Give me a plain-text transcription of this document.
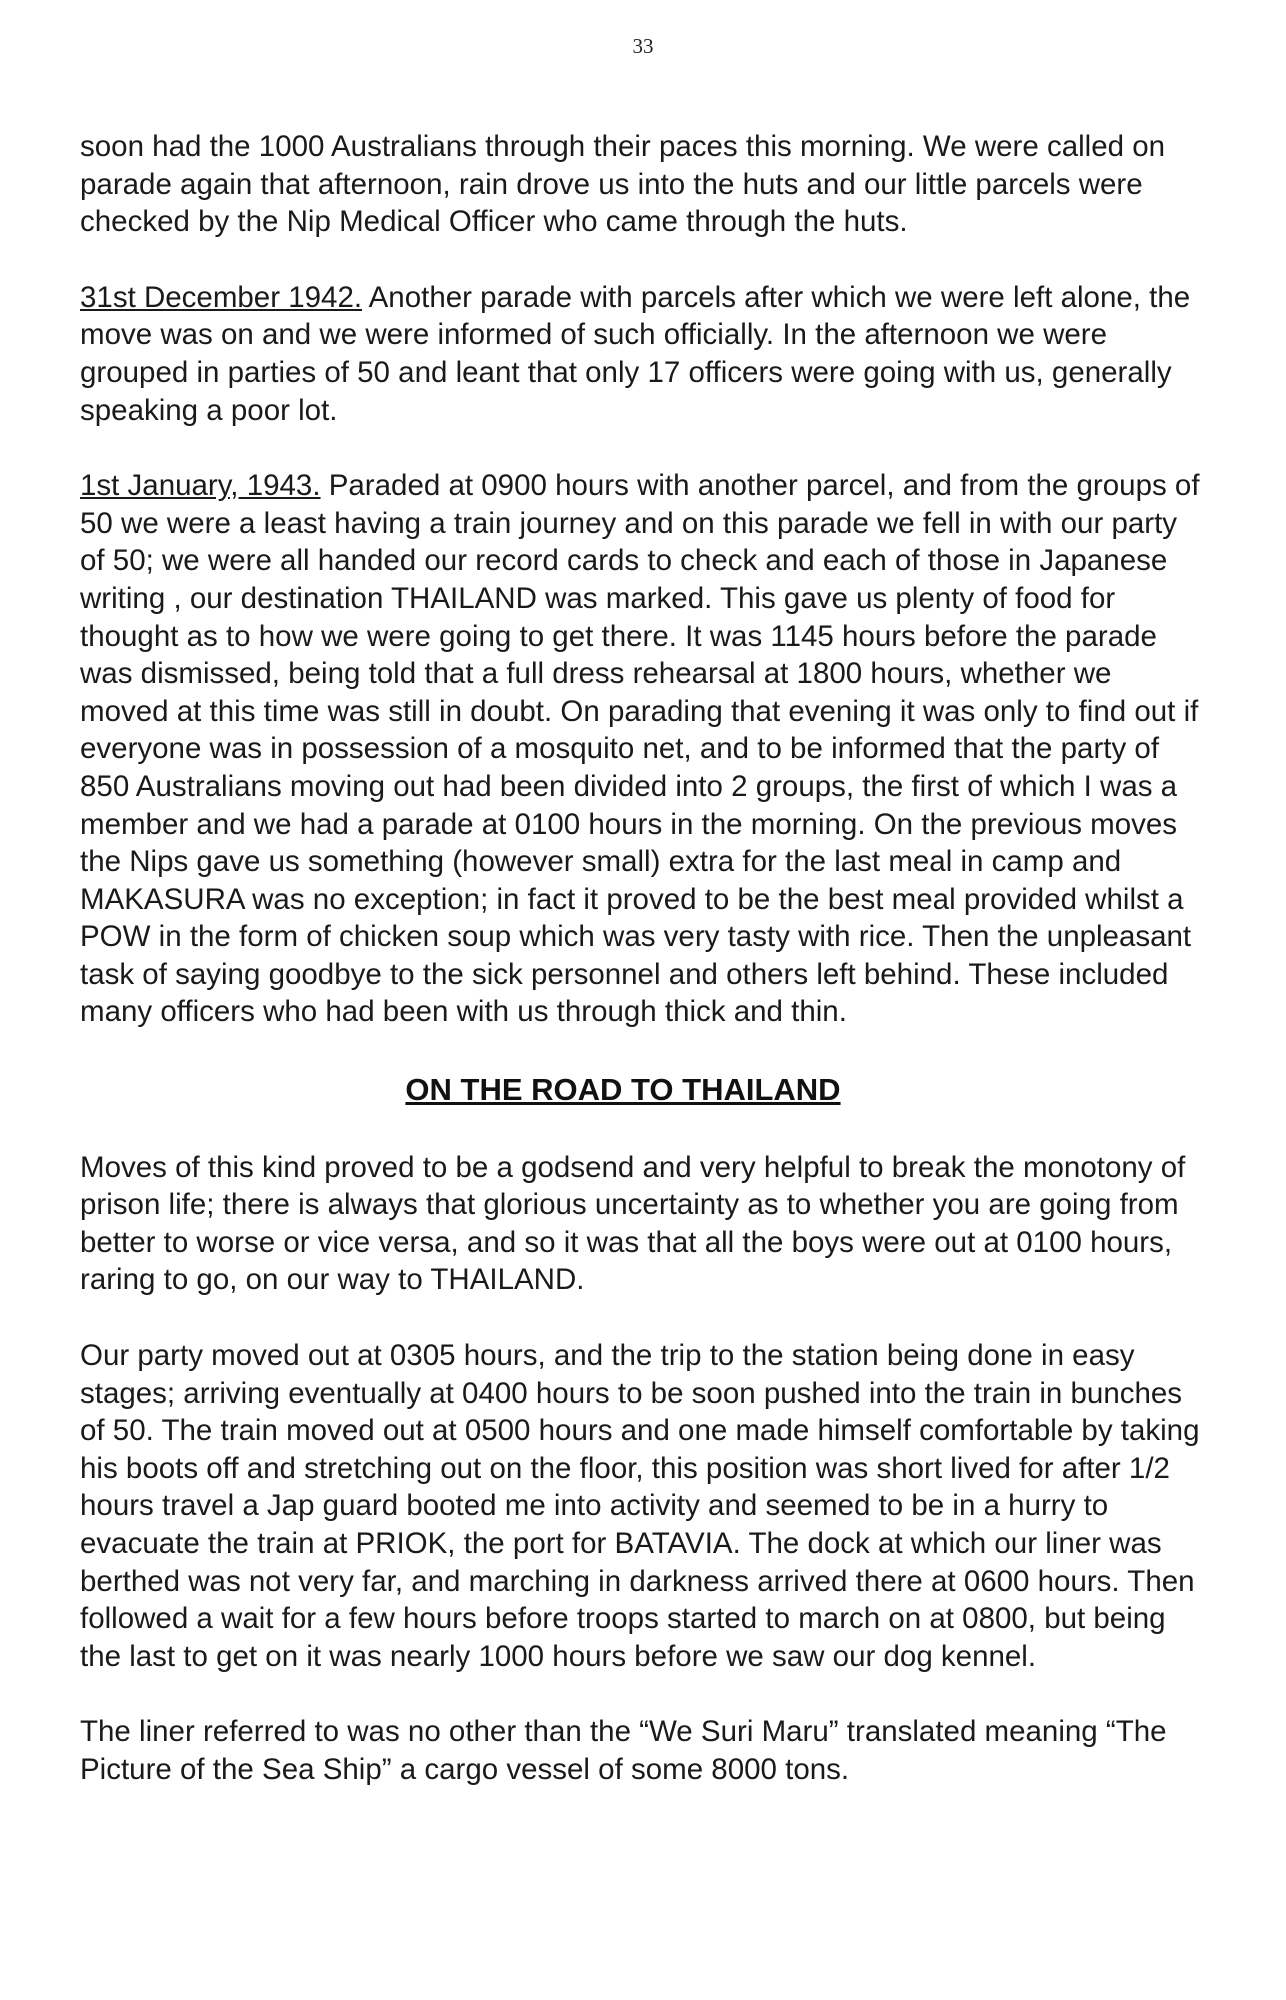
33

soon had the 1000 Australians through their paces this morning. We were called on parade again that afternoon, rain drove us into the huts and our little parcels were checked by the Nip Medical Officer who came through the huts.

31st December 1942. Another parade with parcels after which we were left alone, the move was on and we were informed of such officially. In the afternoon we were grouped in parties of 50 and leant that only 17 officers were going with us, generally speaking a poor lot.

1st January, 1943. Paraded at 0900 hours with another parcel, and from the groups of 50 we were a least having a train journey and on this parade we fell in with our party of 50; we were all handed our record cards to check and each of those in Japanese writing , our destination THAILAND was marked. This gave us plenty of food for thought as to how we were going to get there. It was 1145 hours before the parade was dismissed, being told that a full dress rehearsal at 1800 hours, whether we moved at this time was still in doubt. On parading that evening it was only to find out if everyone was in possession of a mosquito net, and to be informed that the party of 850 Australians moving out had been divided into 2 groups, the first of which I was a member and we had a parade at 0100 hours in the morning. On the previous moves the Nips gave us something (however small) extra for the last meal in camp and MAKASURA was no exception; in fact it proved to be the best meal provided whilst a POW in the form of chicken soup which was very tasty with rice. Then the unpleasant task of saying goodbye to the sick personnel and others left behind. These included many officers who had been with us through thick and thin.

ON THE ROAD TO THAILAND

Moves of this kind proved to be a godsend and very helpful to break the monotony of prison life; there is always that glorious uncertainty as to whether you are going from better to worse or vice versa, and so it was that all the boys were out at 0100 hours, raring to go, on our way to THAILAND.

Our party moved out at 0305 hours, and the trip to the station being done in easy stages; arriving eventually at 0400 hours to be soon pushed into the train in bunches of 50. The train moved out at 0500 hours and one made himself comfortable by taking his boots off and stretching out on the floor, this position was short lived for after 1/2 hours travel a Jap guard booted me into activity and seemed to be in a hurry to evacuate the train at PRIOK, the port for BATAVIA. The dock at which our liner was berthed was not very far, and marching in darkness arrived there at 0600 hours. Then followed a wait for a few hours before troops started to march on at 0800, but being the last to get on it was nearly 1000 hours before we saw our dog kennel.

The liner referred to was no other than the “We Suri Maru” translated meaning “The Picture of the Sea Ship” a cargo vessel of some 8000 tons.
